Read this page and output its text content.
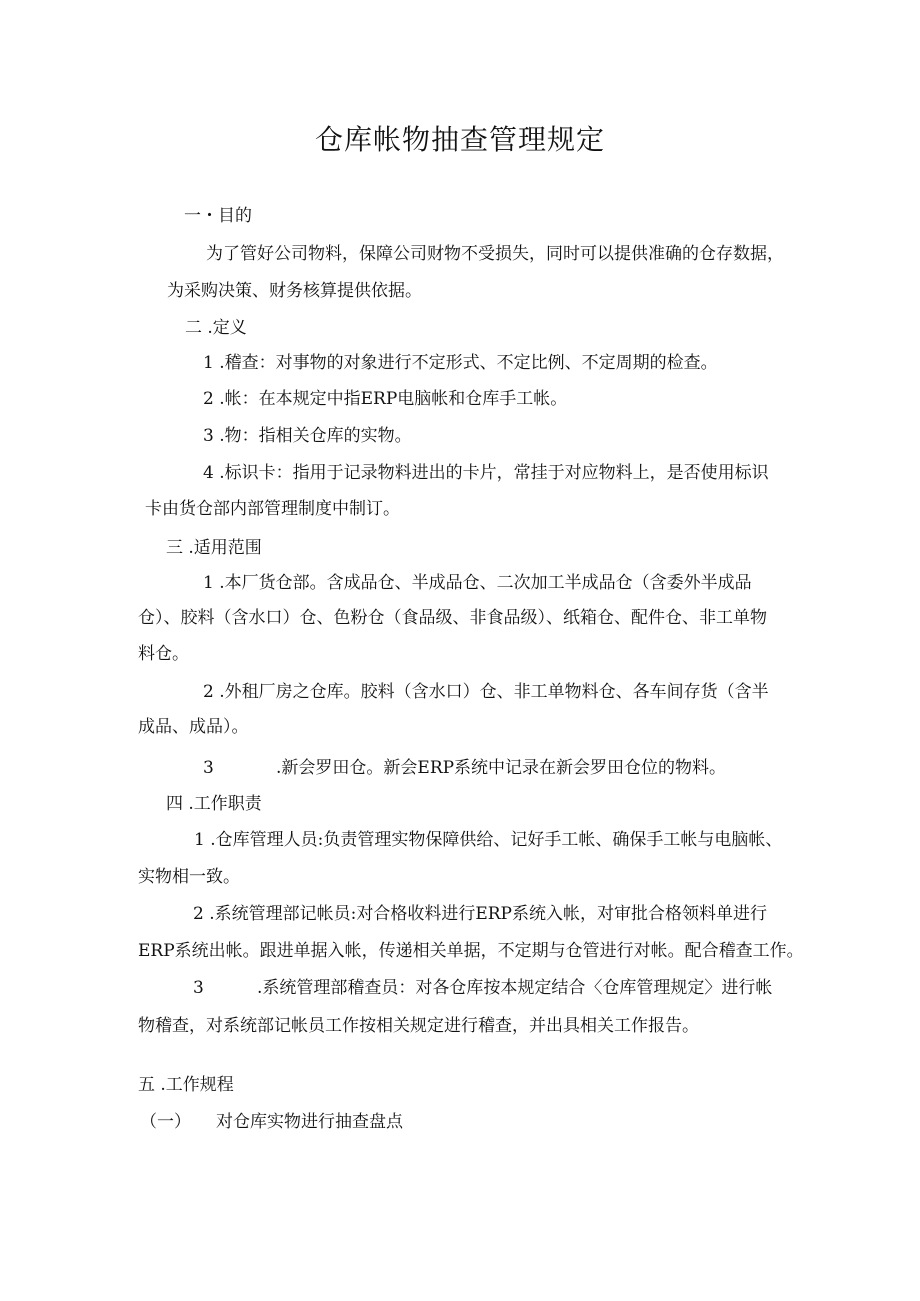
仓库帐物抽查管理规定

一・目的

为了管好公司物料，保障公司财物不受损失，同时可以提供准确的仓存数据，

为采购决策、财务核算提供依据。

二 .定义

1 .稽查：对事物的对象进行不定形式、不定比例、不定周期的检查。

2 .帐：在本规定中指ERP电脑帐和仓库手工帐。

3 .物：指相关仓库的实物。

4 .标识卡：指用于记录物料进出的卡片，常挂于对应物料上，是否使用标识

卡由货仓部内部管理制度中制订。

三 .适用范围

1 .本厂货仓部。含成品仓、半成品仓、二次加工半成品仓（含委外半成品

仓）、胶料（含水口）仓、色粉仓（食品级、非食品级）、纸箱仓、配件仓、非工单物

料仓。

2 .外租厂房之仓库。胶料（含水口）仓、非工单物料仓、各车间存货（含半

成品、成品）。

3	.新会罗田仓。新会ERP系统中记录在新会罗田仓位的物料。

四 .工作职责

1 .仓库管理人员:负责管理实物保障供给、记好手工帐、确保手工帐与电脑帐、

实物相一致。

2 .系统管理部记帐员:对合格收料进行ERP系统入帐，对审批合格领料单进行

ERP系统出帐。跟进单据入帐，传递相关单据，不定期与仓管进行对帐。配合稽查工作。

3	.系统管理部稽查员：对各仓库按本规定结合〈仓库管理规定〉进行帐

物稽查，对系统部记帐员工作按相关规定进行稽查，并出具相关工作报告。

五 .工作规程

（一） 对仓库实物进行抽查盘点
